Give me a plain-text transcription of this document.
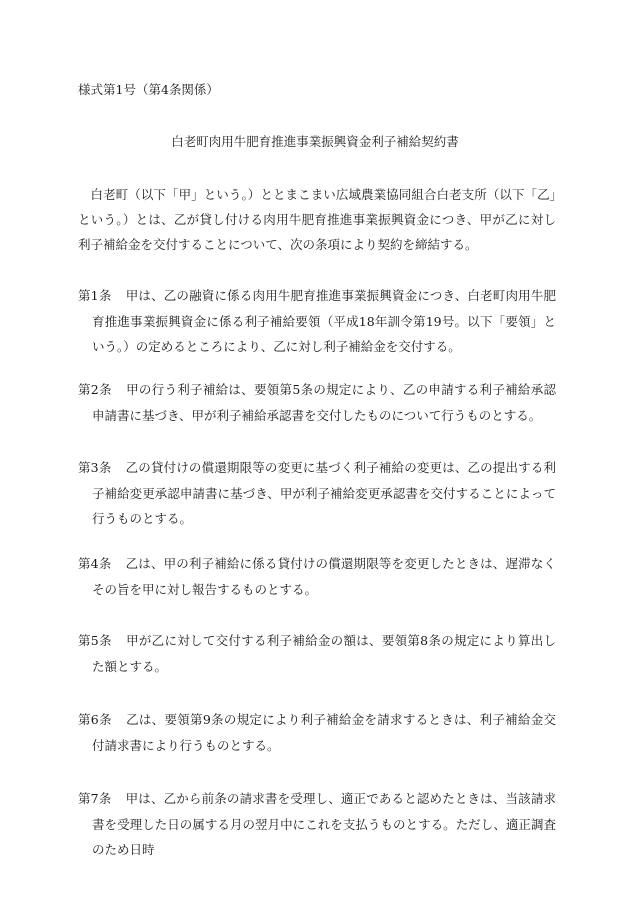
様式第1号（第4条関係）
白老町肉用牛肥育推進事業振興資金利子補給契約書
白老町（以下「甲」という。）ととまこまい広域農業協同組合白老支所（以下「乙」という。）とは、乙が貸し付ける肉用牛肥育推進事業振興資金につき、甲が乙に対し利子補給金を交付することについて、次の条項により契約を締結する。
第1条 甲は、乙の融資に係る肉用牛肥育推進事業振興資金につき、白老町肉用牛肥育推進事業振興資金に係る利子補給要領（平成18年訓令第19号。以下「要領」という。）の定めるところにより、乙に対し利子補給金を交付する。
第2条 甲の行う利子補給は、要領第5条の規定により、乙の申請する利子補給承認申請書に基づき、甲が利子補給承認書を交付したものについて行うものとする。
第3条 乙の貸付けの償還期限等の変更に基づく利子補給の変更は、乙の提出する利子補給変更承認申請書に基づき、甲が利子補給変更承認書を交付することによって行うものとする。
第4条 乙は、甲の利子補給に係る貸付けの償還期限等を変更したときは、遅滞なくその旨を甲に対し報告するものとする。
第5条 甲が乙に対して交付する利子補給金の額は、要領第8条の規定により算出した額とする。
第6条 乙は、要領第9条の規定により利子補給金を請求するときは、利子補給金交付請求書により行うものとする。
第7条 甲は、乙から前条の請求書を受理し、適正であると認めたときは、当該請求書を受理した日の属する月の翌月中にこれを支払うものとする。ただし、適正調査のため日時
